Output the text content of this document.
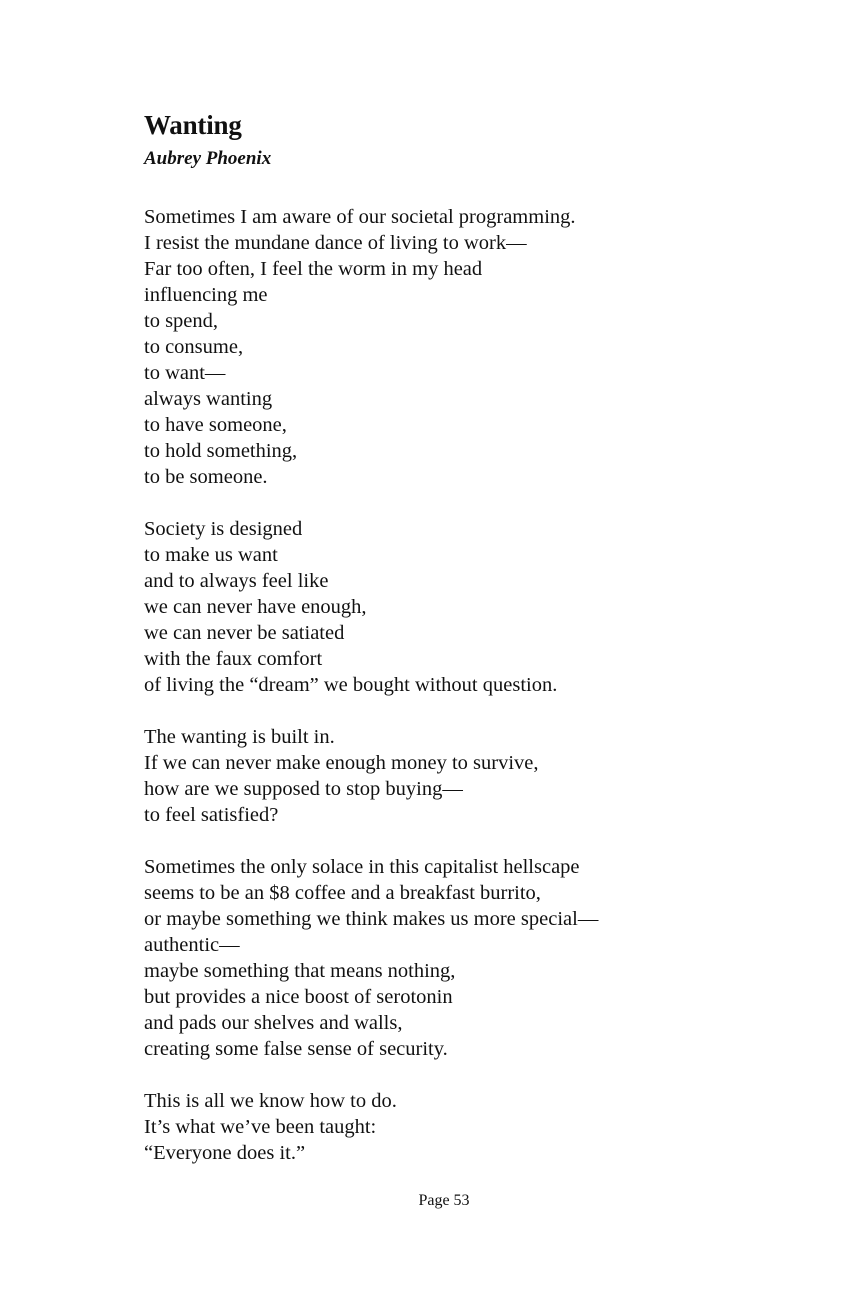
Wanting
Aubrey Phoenix
Sometimes I am aware of our societal programming.
I resist the mundane dance of living to work—
Far too often, I feel the worm in my head
influencing me
to spend,
to consume,
to want—
always wanting
to have someone,
to hold something,
to be someone.
Society is designed
to make us want
and to always feel like
we can never have enough,
we can never be satiated
with the faux comfort
of living the “dream” we bought without question.
The wanting is built in.
If we can never make enough money to survive,
how are we supposed to stop buying—
to feel satisfied?
Sometimes the only solace in this capitalist hellscape
seems to be an $8 coffee and a breakfast burrito,
or maybe something we think makes us more special—
authentic—
maybe something that means nothing,
but provides a nice boost of serotonin
and pads our shelves and walls,
creating some false sense of security.
This is all we know how to do.
It’s what we’ve been taught:
“Everyone does it.”
Page 53
